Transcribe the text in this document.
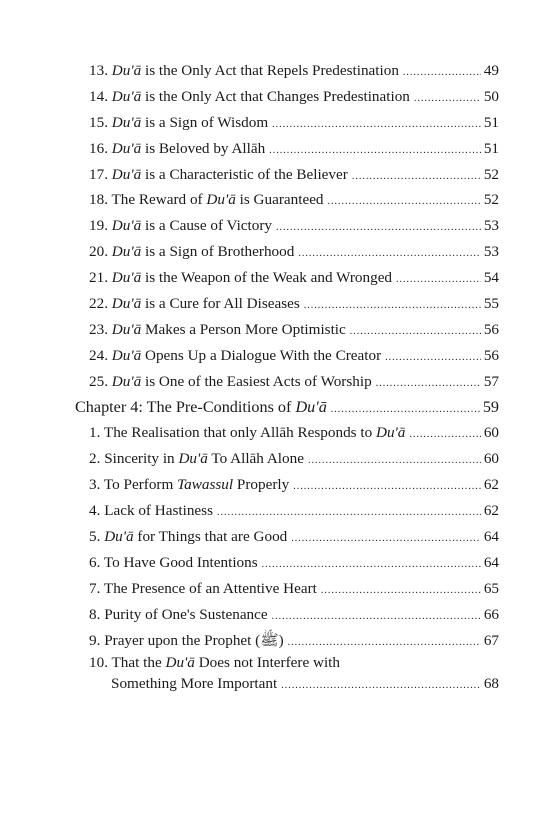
13. Du'ā is the Only Act that Repels Predestination .....	49
14. Du'ā is the Only Act that Changes Predestination .....	50
15. Du'ā is a Sign of Wisdom .....	51
16. Du'ā is Beloved by Allāh .....	51
17. Du'ā is a Characteristic of the Believer .....	52
18. The Reward of Du'ā is Guaranteed .....	52
19. Du'ā is a Cause of Victory .....	53
20. Du'ā is a Sign of Brotherhood .....	53
21. Du'ā is the Weapon of the Weak and Wronged .....	54
22. Du'ā is a Cure for All Diseases .....	55
23. Du'ā Makes a Person More Optimistic .....	56
24. Du'ā Opens Up a Dialogue With the Creator .....	56
25. Du'ā is One of the Easiest Acts of Worship .....	57
Chapter 4: The Pre-Conditions of Du'ā .....	59
1. The Realisation that only Allāh Responds to Du'ā .....	60
2. Sincerity in Du'ā To Allāh Alone .....	60
3. To Perform Tawassul Properly .....	62
4. Lack of Hastiness .....	62
5. Du'ā for Things that are Good .....	64
6. To Have Good Intentions .....	64
7. The Presence of an Attentive Heart .....	65
8. Purity of One's Sustenance .....	66
9. Prayer upon the Prophet (ﷺ) .....	67
10. That the Du'ā Does not Interfere with
Something More Important .....	68
